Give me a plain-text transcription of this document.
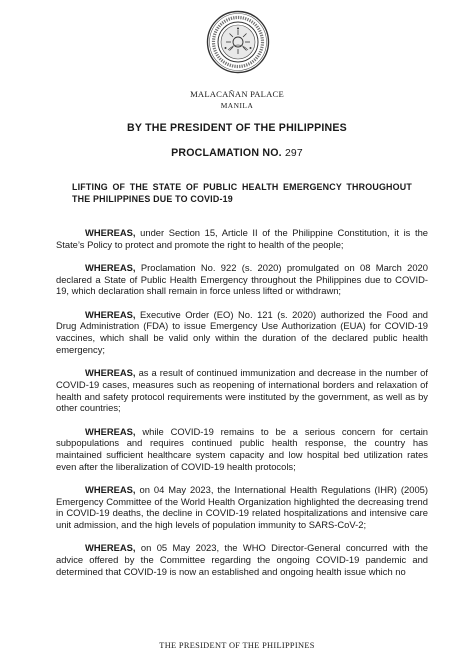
MALACAÑAN PALACE
MANILA
BY THE PRESIDENT OF THE PHILIPPINES
PROCLAMATION NO. 297
LIFTING OF THE STATE OF PUBLIC HEALTH EMERGENCY THROUGHOUT THE PHILIPPINES DUE TO COVID-19

WHEREAS, under Section 15, Article II of the Philippine Constitution, it is the State’s Policy to protect and promote the right to health of the people;

WHEREAS, Proclamation No. 922 (s. 2020) promulgated on 08 March 2020 declared a State of Public Health Emergency throughout the Philippines due to COVID-19, which declaration shall remain in force unless lifted or withdrawn;

WHEREAS, Executive Order (EO) No. 121 (s. 2020) authorized the Food and Drug Administration (FDA) to issue Emergency Use Authorization (EUA) for COVID-19 vaccines, which shall be valid only within the duration of the declared public health emergency;

WHEREAS, as a result of continued immunization and decrease in the number of COVID-19 cases, measures such as reopening of international borders and relaxation of health and safety protocol requirements were instituted by the government, as well as by other countries;

WHEREAS, while COVID-19 remains to be a serious concern for certain subpopulations and requires continued public health response, the country has maintained sufficient healthcare system capacity and low hospital bed utilization rates even after the liberalization of COVID-19 health protocols;

WHEREAS, on 04 May 2023, the International Health Regulations (IHR) (2005) Emergency Committee of the World Health Organization highlighted the decreasing trend in COVID-19 deaths, the decline in COVID-19 related hospitalizations and intensive care unit admission, and the high levels of population immunity to SARS-CoV-2;

WHEREAS, on 05 May 2023, the WHO Director-General concurred with the advice offered by the Committee regarding the ongoing COVID-19 pandemic and determined that COVID-19 is now an established and ongoing health issue which no

THE PRESIDENT OF THE PHILIPPINES
